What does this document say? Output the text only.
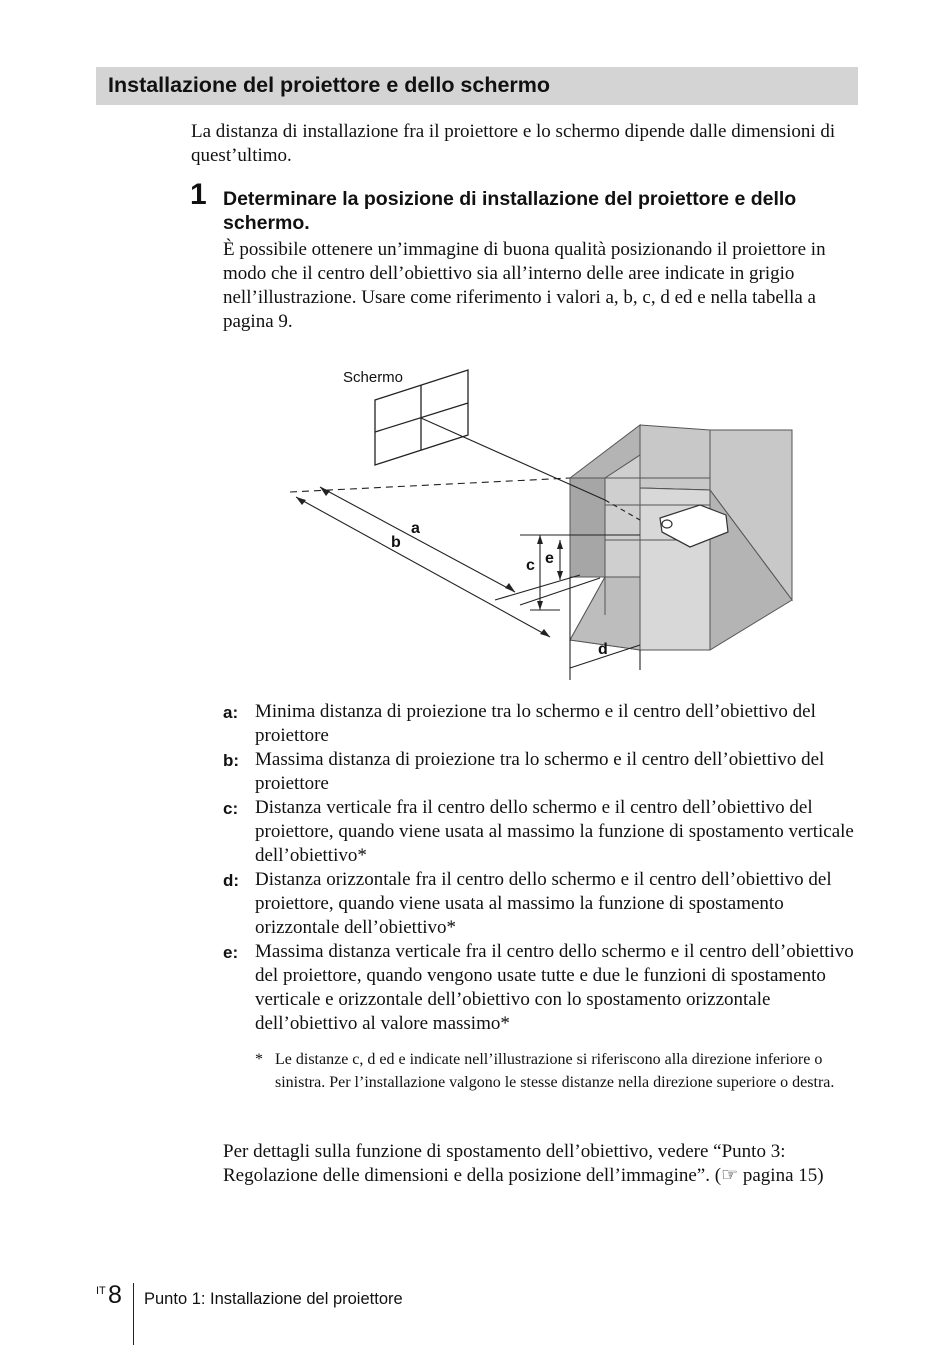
Installazione del proiettore e dello schermo
La distanza di installazione fra il proiettore e lo schermo dipende dalle dimensioni di quest’ultimo.
1 Determinare la posizione di installazione del proiettore e dello schermo.
È possibile ottenere un’immagine di buona qualità posizionando il proiettore in modo che il centro dell’obiettivo sia all’interno delle aree indicate in grigio nell’illustrazione. Usare come riferimento i valori a, b, c, d ed e nella tabella a pagina 9.
Schermo
a
b
c e
d
a: Minima distanza di proiezione tra lo schermo e il centro dell’obiettivo del proiettore
b: Massima distanza di proiezione tra lo schermo e il centro dell’obiettivo del proiettore
c: Distanza verticale fra il centro dello schermo e il centro dell’obiettivo del proiettore, quando viene usata al massimo la funzione di spostamento verticale dell’obiettivo*
d: Distanza orizzontale fra il centro dello schermo e il centro dell’obiettivo del proiettore, quando viene usata al massimo la funzione di spostamento orizzontale dell’obiettivo*
e: Massima distanza verticale fra il centro dello schermo e il centro dell’obiettivo del proiettore, quando vengono usate tutte e due le funzioni di spostamento verticale e orizzontale dell’obiettivo con lo spostamento orizzontale dell’obiettivo al valore massimo*
* Le distanze c, d ed e indicate nell’illustrazione si riferiscono alla direzione inferiore o sinistra. Per l’installazione valgono le stesse distanze nella direzione superiore o destra.
Per dettagli sulla funzione di spostamento dell’obiettivo, vedere “Punto 3: Regolazione delle dimensioni e della posizione dell’immagine”. (☞ pagina 15)
IT 8 Punto 1: Installazione del proiettore
